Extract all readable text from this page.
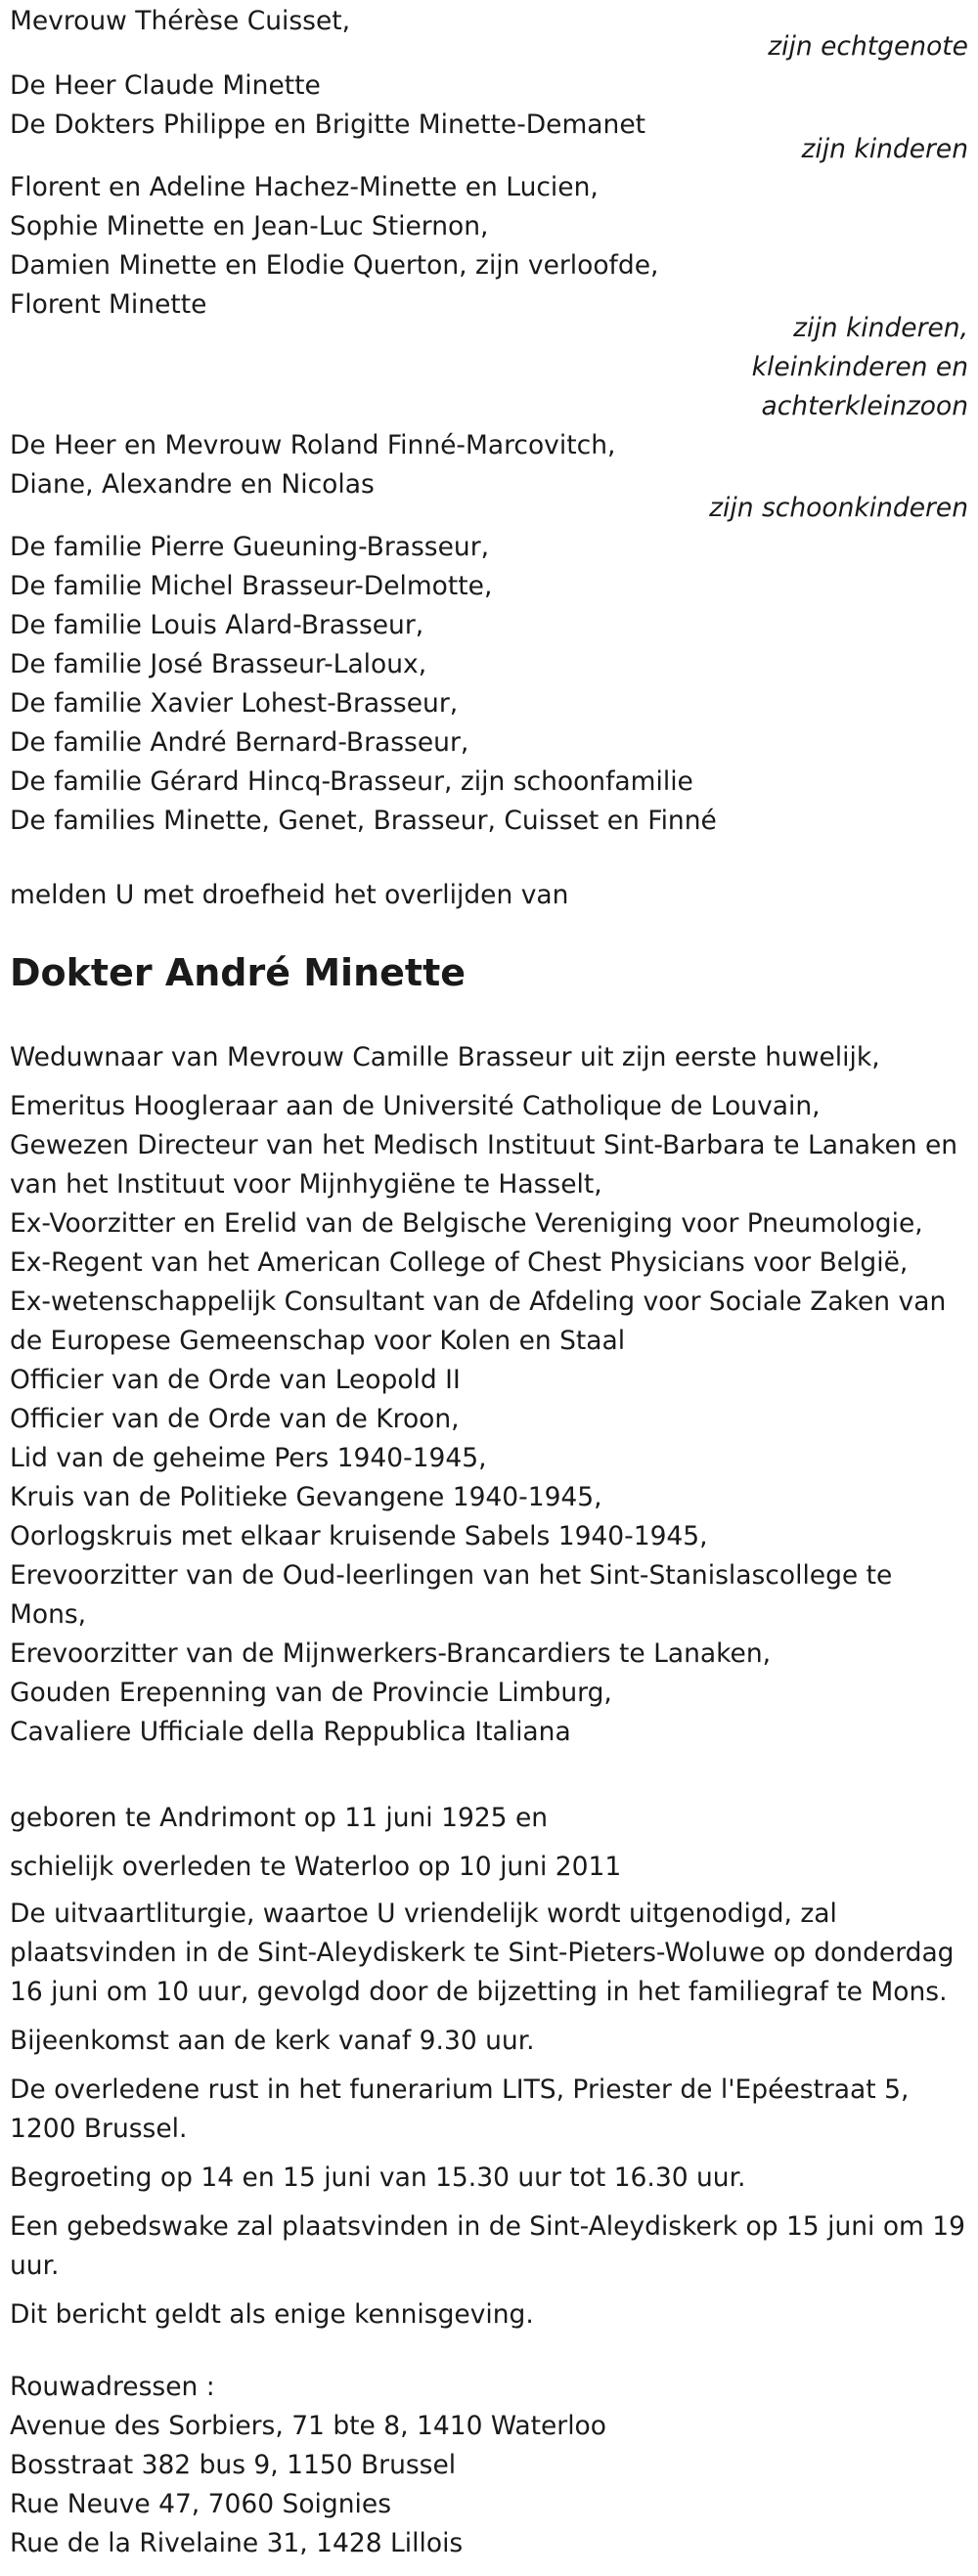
Mevrouw Thérèse Cuisset,
zijn echtgenote
De Heer Claude Minette
De Dokters Philippe en Brigitte Minette-Demanet
zijn kinderen
Florent en Adeline Hachez-Minette en Lucien,
Sophie Minette en Jean-Luc Stiernon,
Damien Minette en Elodie Querton, zijn verloofde,
Florent Minette
zijn kinderen,
kleinkinderen en
achterkleinzoon
De Heer en Mevrouw Roland Finné-Marcovitch,
Diane, Alexandre en Nicolas
zijn schoonkinderen
De familie Pierre Gueuning-Brasseur,
De familie Michel Brasseur-Delmotte,
De familie Louis Alard-Brasseur,
De familie José Brasseur-Laloux,
De familie Xavier Lohest-Brasseur,
De familie André Bernard-Brasseur,
De familie Gérard Hincq-Brasseur, zijn schoonfamilie
De families Minette, Genet, Brasseur, Cuisset en Finné
melden U met droefheid het overlijden van
Dokter André Minette
Weduwnaar van Mevrouw Camille Brasseur uit zijn eerste huwelijk,
Emeritus Hoogleraar aan de Université Catholique de Louvain,
Gewezen Directeur van het Medisch Instituut Sint-Barbara te Lanaken en
van het Instituut voor Mijnhygiëne te Hasselt,
Ex-Voorzitter en Erelid van de Belgische Vereniging voor Pneumologie,
Ex-Regent van het American College of Chest Physicians voor België,
Ex-wetenschappelijk Consultant van de Afdeling voor Sociale Zaken van
de Europese Gemeenschap voor Kolen en Staal
Officier van de Orde van Leopold II
Officier van de Orde van de Kroon,
Lid van de geheime Pers 1940-1945,
Kruis van de Politieke Gevangene 1940-1945,
Oorlogskruis met elkaar kruisende Sabels 1940-1945,
Erevoorzitter van de Oud-leerlingen van het Sint-Stanislascollege te
Mons,
Erevoorzitter van de Mijnwerkers-Brancardiers te Lanaken,
Gouden Erepenning van de Provincie Limburg,
Cavaliere Ufficiale della Reppublica Italiana
geboren te Andrimont op 11 juni 1925 en
schielijk overleden te Waterloo op 10 juni 2011
De uitvaartliturgie, waartoe U vriendelijk wordt uitgenodigd, zal
plaatsvinden in de Sint-Aleydiskerk te Sint-Pieters-Woluwe op donderdag
16 juni om 10 uur, gevolgd door de bijzetting in het familiegraf te Mons.
Bijeenkomst aan de kerk vanaf 9.30 uur.
De overledene rust in het funerarium LITS, Priester de l'Epéestraat 5,
1200 Brussel.
Begroeting op 14 en 15 juni van 15.30 uur tot 16.30 uur.
Een gebedswake zal plaatsvinden in de Sint-Aleydiskerk op 15 juni om 19
uur.
Dit bericht geldt als enige kennisgeving.
Rouwadressen :
Avenue des Sorbiers, 71 bte 8, 1410 Waterloo
Bosstraat 382 bus 9, 1150 Brussel
Rue Neuve 47, 7060 Soignies
Rue de la Rivelaine 31, 1428 Lillois
